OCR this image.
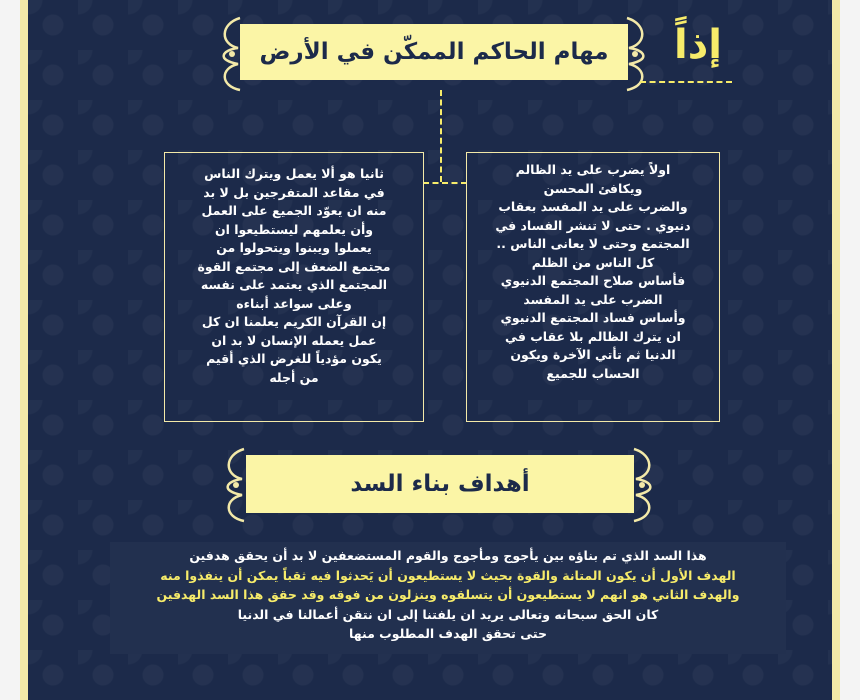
مهام الحاكم الممكّن في الأرض إذاً
اولاً يضرب على يد الظالم
ويكافئ المحسن
والضرب على يد المفسد بعقاب
دنيوي . حتى لا تنشر الفساد في
المجتمع وحتى لا يعانى الناس ..
كل الناس من الظلم
فأساس صلاح المجتمع الدنيوي
الضرب على يد المفسد
وأساس فساد المجتمع الدنيوي
ان يترك الظالم بلا عقاب في
الدنيا ثم تأتي الآخرة ويكون
الحساب للجميع
ثانيا هو ألا يعمل ويترك الناس
في مقاعد المتفرجين بل لا بد
منه ان يعوّد الجميع على العمل
وأن يعلمهم ليستطيعوا ان
يعملوا ويبنوا ويتحولوا من
مجتمع الضعف إلى مجتمع القوة
المجتمع الذي يعتمد على نفسه
وعلى سواعد أبناءه
إن القرآن الكريم يعلمنا ان كل
عمل يعمله الإنسان لا بد ان
يكون مؤدياً للغرض الذي أقيم
من أجله
أهداف بناء السد
هذا السد الذي تم بناؤه بين يأجوج ومأجوج والقوم المستضعفين لا بد أن يحقق هدفين
الهدف الأول أن يكون المتانة والقوة بحيث لا يستطيعون أن يَحدثوا فيه ثقباً يمكن أن ينفذوا منه
والهدف الثاني هو انهم لا يستطيعون أن يتسلقوه وينزلون من فوقه وقد حقق هذا السد الهدفين
كان الحق سبحانه وتعالى يريد ان يلفتنا إلى ان نتقن أعمالنا في الدنيا
حتى تحقق الهدف المطلوب منها
